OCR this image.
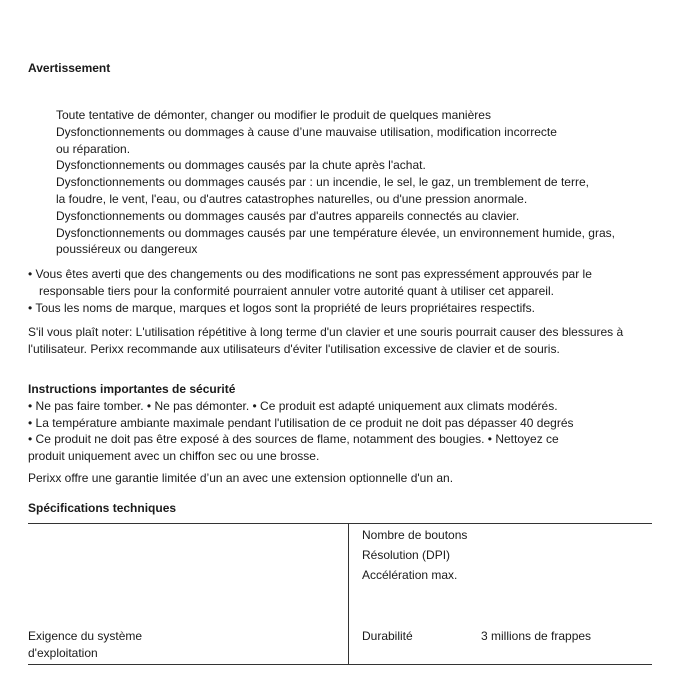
Avertissement
Toute tentative de démonter, changer ou modifier le produit de quelques manières
Dysfonctionnements ou dommages à cause d’une mauvaise utilisation, modification incorrecte
ou réparation.
Dysfonctionnements ou dommages causés par la chute après l'achat.
Dysfonctionnements ou dommages causés par : un incendie, le sel, le gaz, un tremblement de terre,
la foudre, le vent, l'eau, ou d'autres catastrophes naturelles, ou d'une pression anormale.
Dysfonctionnements ou dommages causés par d'autres appareils connectés au clavier.
Dysfonctionnements ou dommages causés par une température élevée, un environnement humide, gras,
poussiéreux ou dangereux
• Vous êtes averti que des changements ou des modifications ne sont pas expressément approuvés par le responsable tiers pour la conformité pourraient annuler votre autorité quant à utiliser cet appareil.
• Tous les noms de marque, marques et logos sont la propriété de leurs propriétaires respectifs.
S'il vous plaît noter: L'utilisation répétitive à long terme d'un clavier et une souris pourrait causer des blessures à l'utilisateur. Perixx recommande aux utilisateurs d'éviter l'utilisation excessive de clavier et de souris.
Instructions importantes de sécurité
• Ne pas faire tomber. • Ne pas démonter. • Ce produit est adapté uniquement aux climats modérés.
• La température ambiante maximale pendant l'utilisation de ce produit ne doit pas dépasser 40 degrés
• Ce produit ne doit pas être exposé à des sources de flame, notamment des bougies. • Nettoyez ce
produit uniquement avec un chiffon sec ou une brosse.
Perixx offre une garantie limitée d’un an avec une extension optionnelle d'un an.
Spécifications techniques
Nombre de boutons
Résolution (DPI)
Accélération max.
Exigence du système
d'exploitation
Durabilité	3 millions de frappes
